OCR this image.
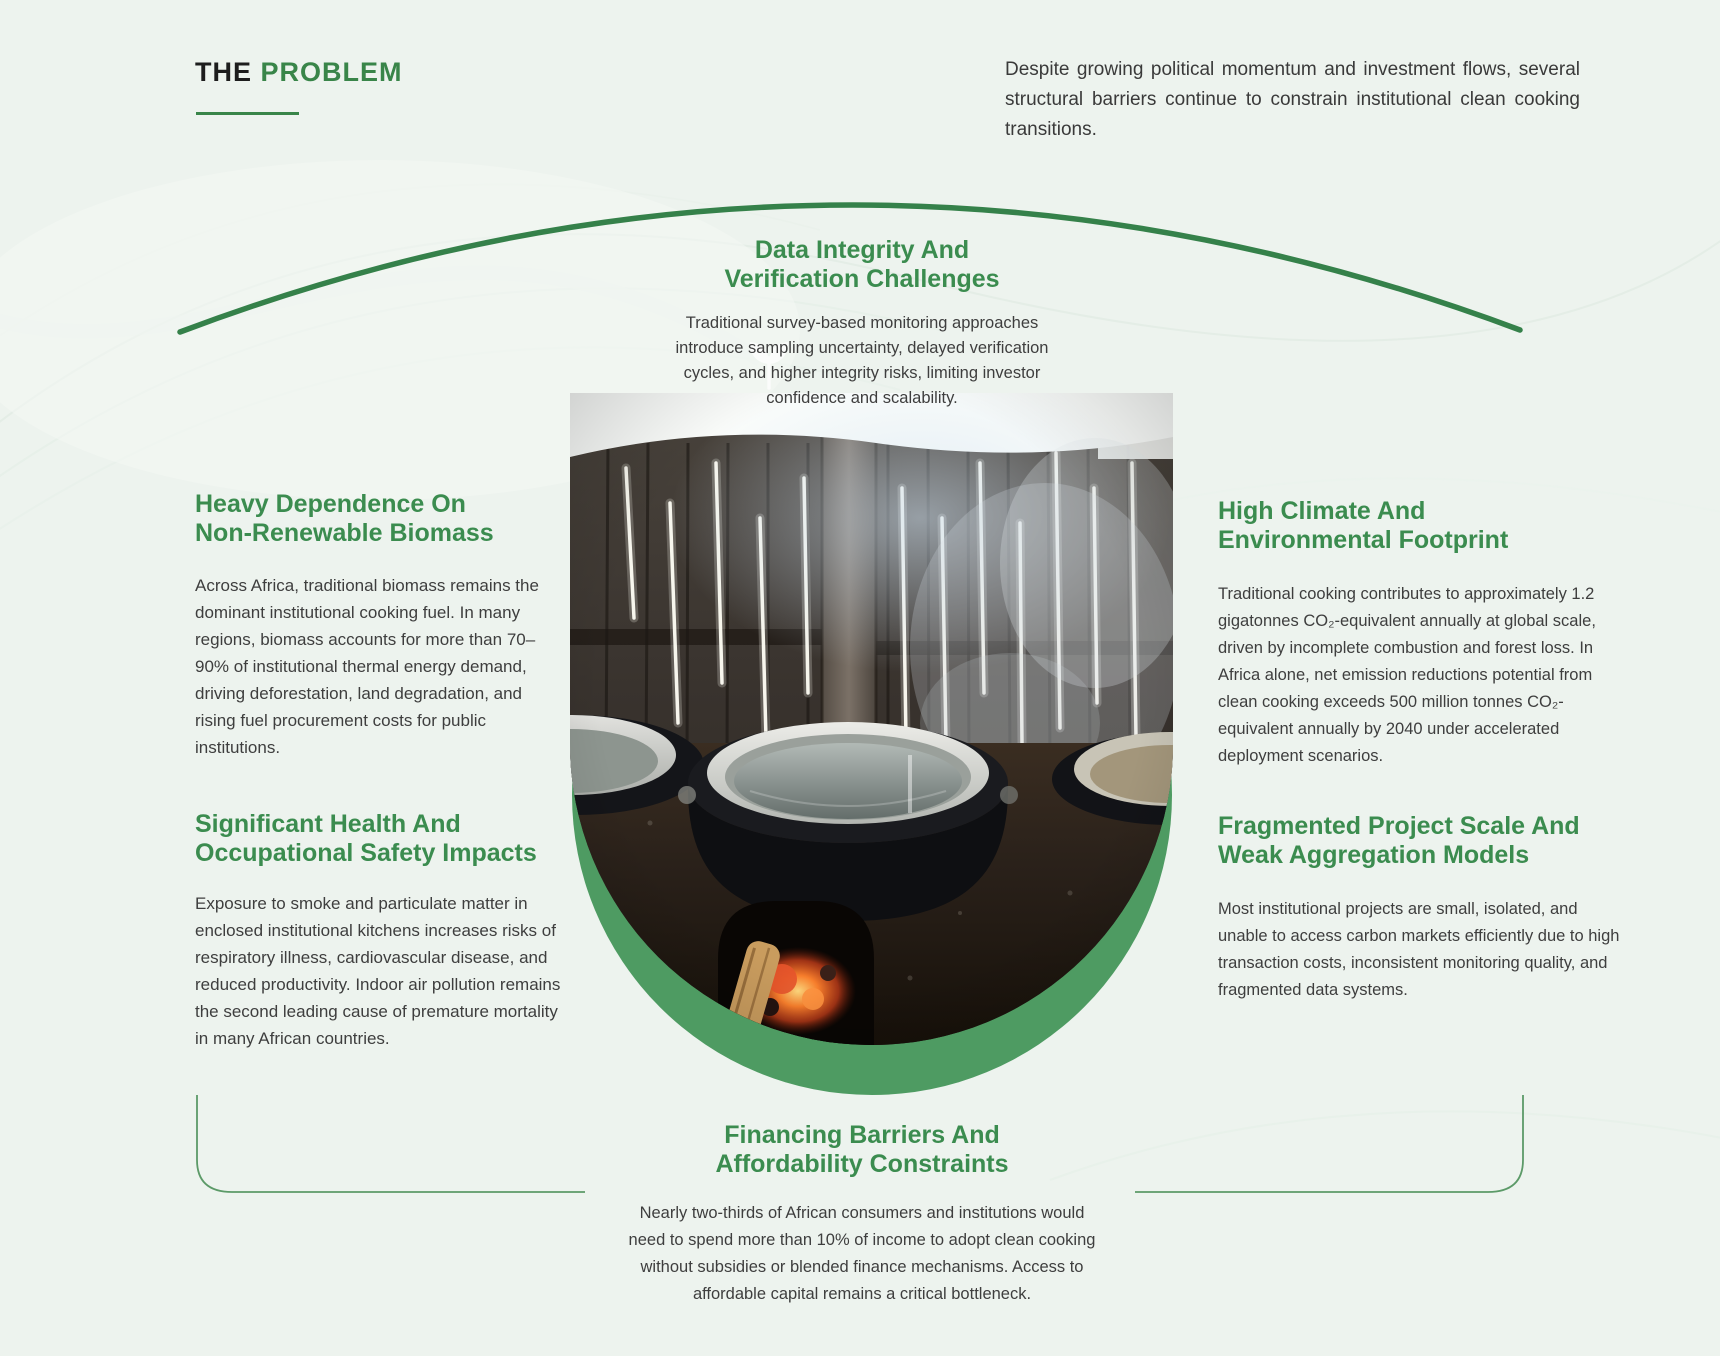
THE PROBLEM	Despite growing political momentum and investment flows, several structural barriers continue to constrain institutional clean cooking transitions.

Data Integrity And
Verification Challenges
Traditional survey-based monitoring approaches introduce sampling uncertainty, delayed verification cycles, and higher integrity risks, limiting investor confidence and scalability.
Heavy Dependence On
Non-Renewable Biomass
Across Africa, traditional biomass remains the dominant institutional cooking fuel. In many regions, biomass accounts for more than 70–90% of institutional thermal energy demand, driving deforestation, land degradation, and rising fuel procurement costs for public institutions.
Significant Health And
Occupational Safety Impacts
Exposure to smoke and particulate matter in enclosed institutional kitchens increases risks of respiratory illness, cardiovascular disease, and reduced productivity. Indoor air pollution remains the second leading cause of premature mortality in many African countries.
High Climate And
Environmental Footprint
Traditional cooking contributes to approximately 1.2 gigatonnes CO₂-equivalent annually at global scale, driven by incomplete combustion and forest loss. In Africa alone, net emission reductions potential from clean cooking exceeds 500 million tonnes CO₂-equivalent annually by 2040 under accelerated deployment scenarios.
Fragmented Project Scale And
Weak Aggregation Models
Most institutional projects are small, isolated, and unable to access carbon markets efficiently due to high transaction costs, inconsistent monitoring quality, and fragmented data systems.
Financing Barriers And
Affordability Constraints
Nearly two-thirds of African consumers and institutions would need to spend more than 10% of income to adopt clean cooking without subsidies or blended finance mechanisms. Access to affordable capital remains a critical bottleneck.
